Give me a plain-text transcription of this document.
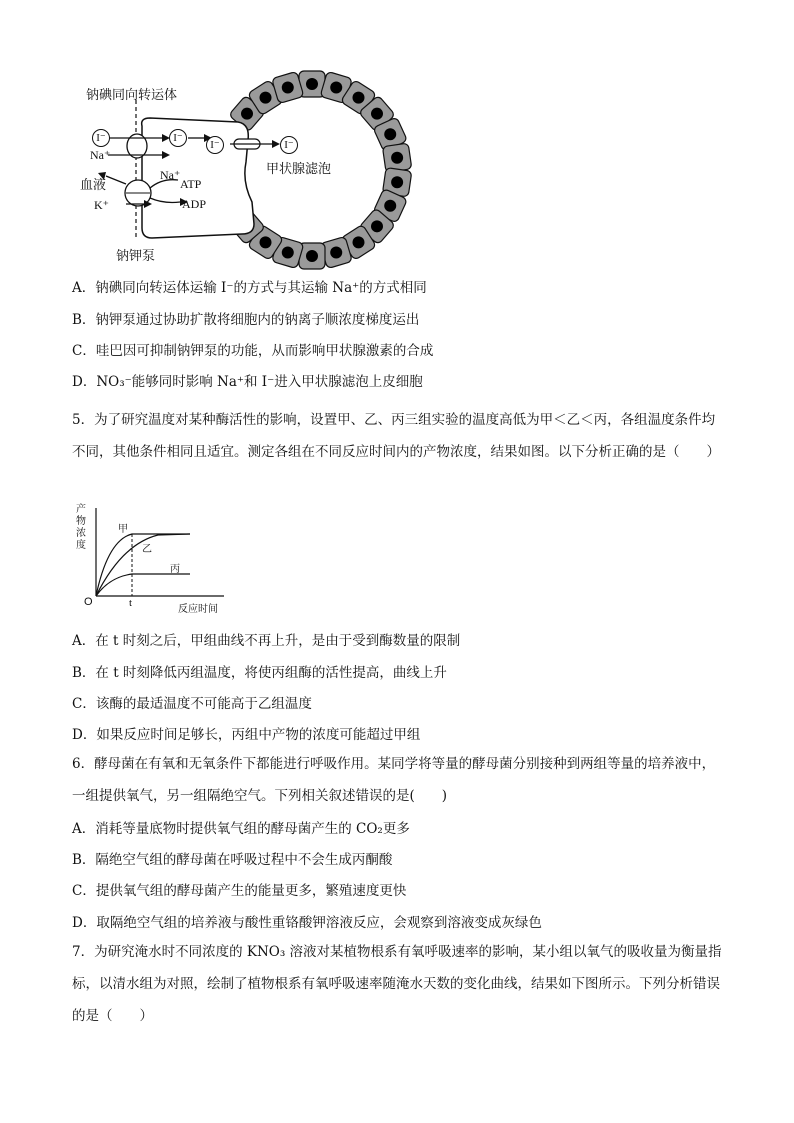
钠碘同向转运体
血液
钠钾泵
甲状腺滤泡
I⁻	I⁻
I⁻	I⁻
Na⁺
Na⁺
K⁺
ATP
ADP
A．钠碘同向转运体运输 I⁻的方式与其运输 Na⁺的方式相同
B．钠钾泵通过协助扩散将细胞内的钠离子顺浓度梯度运出
C．哇巴因可抑制钠钾泵的功能，从而影响甲状腺激素的合成
D．NO₃⁻能够同时影响 Na⁺和 I⁻进入甲状腺滤泡上皮细胞
5．为了研究温度对某种酶活性的影响，设置甲、乙、丙三组实验的温度高低为甲＜乙＜丙，各组温度条件均不同，其他条件相同且适宜。测定各组在不同反应时间内的产物浓度，结果如图。以下分析正确的是（　　）
产物浓度
甲
乙
丙
O	t
反应时间
A．在 t 时刻之后，甲组曲线不再上升，是由于受到酶数量的限制
B．在 t 时刻降低丙组温度，将使丙组酶的活性提高，曲线上升
C．该酶的最适温度不可能高于乙组温度
D．如果反应时间足够长，丙组中产物的浓度可能超过甲组
6．酵母菌在有氧和无氧条件下都能进行呼吸作用。某同学将等量的酵母菌分别接种到两组等量的培养液中，一组提供氧气，另一组隔绝空气。下列相关叙述错误的是(　　)
A．消耗等量底物时提供氧气组的酵母菌产生的 CO₂更多
B．隔绝空气组的酵母菌在呼吸过程中不会生成丙酮酸
C．提供氧气组的酵母菌产生的能量更多，繁殖速度更快
D．取隔绝空气组的培养液与酸性重铬酸钾溶液反应，会观察到溶液变成灰绿色
7．为研究淹水时不同浓度的 KNO₃ 溶液对某植物根系有氧呼吸速率的影响，某小组以氧气的吸收量为衡量指标，以清水组为对照，绘制了植物根系有氧呼吸速率随淹水天数的变化曲线，结果如下图所示。下列分析错误的是（　　）
